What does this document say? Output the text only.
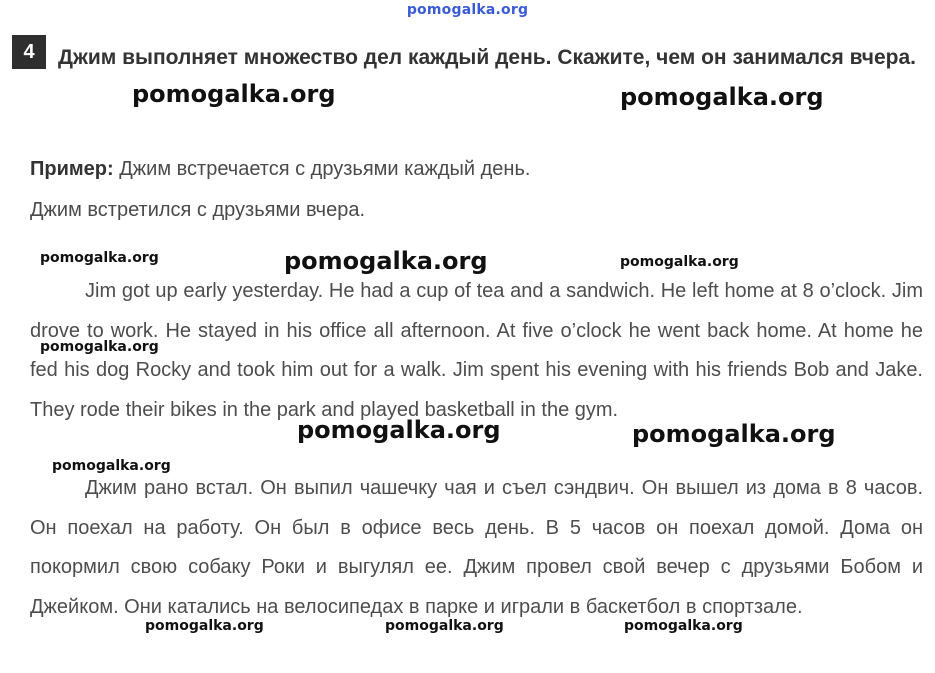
pomogalka.org
4	Джим выполняет множество дел каждый день. Скажите, чем он занимался вчера.
Пример: Джим встречается с друзьями каждый день.
Джим встретился с друзьями вчера.
Jim got up early yesterday. He had a cup of tea and a sandwich. He left home at 8 o’clock. Jim drove to work. He stayed in his office all afternoon. At five o’clock he went back home. At home he fed his dog Rocky and took him out for a walk. Jim spent his evening with his friends Bob and Jake. They rode their bikes in the park and played basketball in the gym.
Джим рано встал. Он выпил чашечку чая и съел сэндвич. Он вышел из дома в 8 часов. Он поехал на работу. Он был в офисе весь день. В 5 часов он поехал домой. Дома он покормил свою собаку Роки и выгулял ее. Джим провел свой вечер с друзьями Бобом и Джейком. Они катались на велосипедах в парке и играли в баскетбол в спортзале.
pomogalka.org	pomogalka.org
pomogalka.org	pomogalka.org	pomogalka.org
pomogalka.org
pomogalka.org	pomogalka.org
pomogalka.org
pomogalka.org	pomogalka.org	pomogalka.org
